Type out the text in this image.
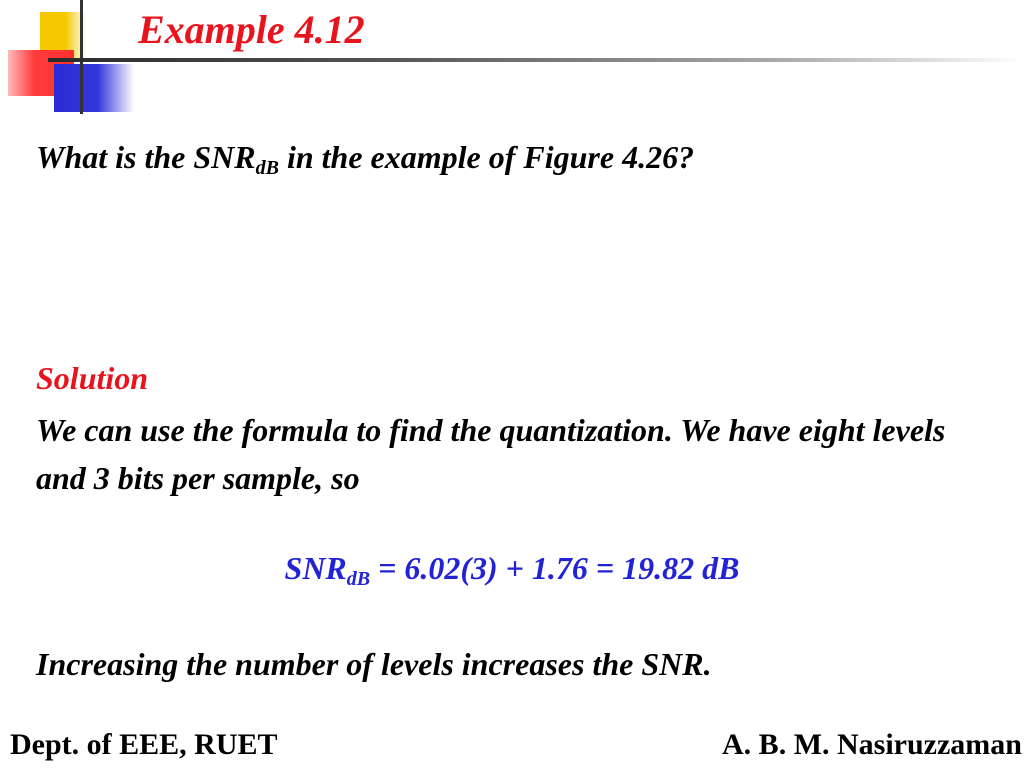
Example 4.12
What is the $SNR_{dB}$ in the example of Figure 4.26?
Solution
We can use the formula to find the quantization. We have eight levels and 3 bits per sample, so
$SNR_{dB} = 6.02(3) + 1.76 = 19.82$ dB
Increasing the number of levels increases the SNR.
Dept. of EEE, RUET	A. B. M. Nasiruzzaman
